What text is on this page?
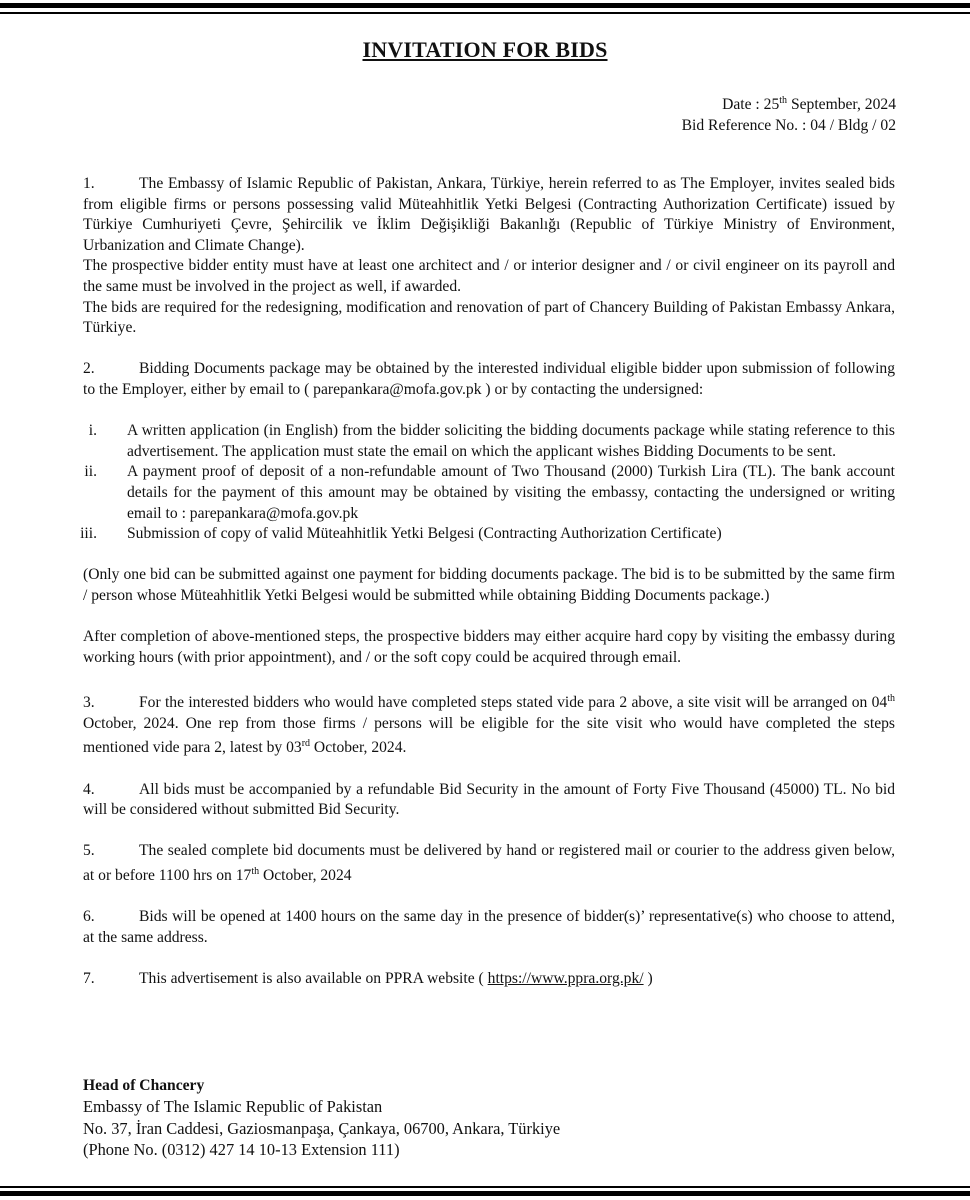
INVITATION FOR BIDS
Date : 25th September, 2024
Bid Reference No. : 04 / Bldg / 02

1.	The Embassy of Islamic Republic of Pakistan, Ankara, Türkiye, herein referred to as The Employer, invites sealed bids from eligible firms or persons possessing valid Müteahhitlik Yetki Belgesi (Contracting Authorization Certificate) issued by Türkiye Cumhuriyeti Çevre, Şehircilik ve İklim Değişikliği Bakanlığı (Republic of Türkiye Ministry of Environment, Urbanization and Climate Change).

The prospective bidder entity must have at least one architect and / or interior designer and / or civil engineer on its payroll and the same must be involved in the project as well, if awarded.

The bids are required for the redesigning, modification and renovation of part of Chancery Building of Pakistan Embassy Ankara, Türkiye.

2.	Bidding Documents package may be obtained by the interested individual eligible bidder upon submission of following to the Employer, either by email to ( parepankara@mofa.gov.pk ) or by contacting the undersigned:

i. A written application (in English) from the bidder soliciting the bidding documents package while stating reference to this advertisement. The application must state the email on which the applicant wishes Bidding Documents to be sent.
ii. A payment proof of deposit of a non-refundable amount of Two Thousand (2000) Turkish Lira (TL). The bank account details for the payment of this amount may be obtained by visiting the embassy, contacting the undersigned or writing email to : parepankara@mofa.gov.pk
iii. Submission of copy of valid Müteahhitlik Yetki Belgesi (Contracting Authorization Certificate)

(Only one bid can be submitted against one payment for bidding documents package. The bid is to be submitted by the same firm / person whose Müteahhitlik Yetki Belgesi would be submitted while obtaining Bidding Documents package.)

After completion of above-mentioned steps, the prospective bidders may either acquire hard copy by visiting the embassy during working hours (with prior appointment), and / or the soft copy could be acquired through email.

3.	For the interested bidders who would have completed steps stated vide para 2 above, a site visit will be arranged on 04th October, 2024. One rep from those firms / persons will be eligible for the site visit who would have completed the steps mentioned vide para 2, latest by 03rd October, 2024.

4.	All bids must be accompanied by a refundable Bid Security in the amount of Forty Five Thousand (45000) TL. No bid will be considered without submitted Bid Security.

5.	The sealed complete bid documents must be delivered by hand or registered mail or courier to the address given below, at or before 1100 hrs on 17th October, 2024

6.	Bids will be opened at 1400 hours on the same day in the presence of bidder(s)’ representative(s) who choose to attend, at the same address.

7.	This advertisement is also available on PPRA website ( https://www.ppra.org.pk/ )

Head of Chancery
Embassy of The Islamic Republic of Pakistan
No. 37, İran Caddesi, Gaziosmanpaşa, Çankaya, 06700, Ankara, Türkiye
(Phone No. (0312) 427 14 10-13 Extension 111)
